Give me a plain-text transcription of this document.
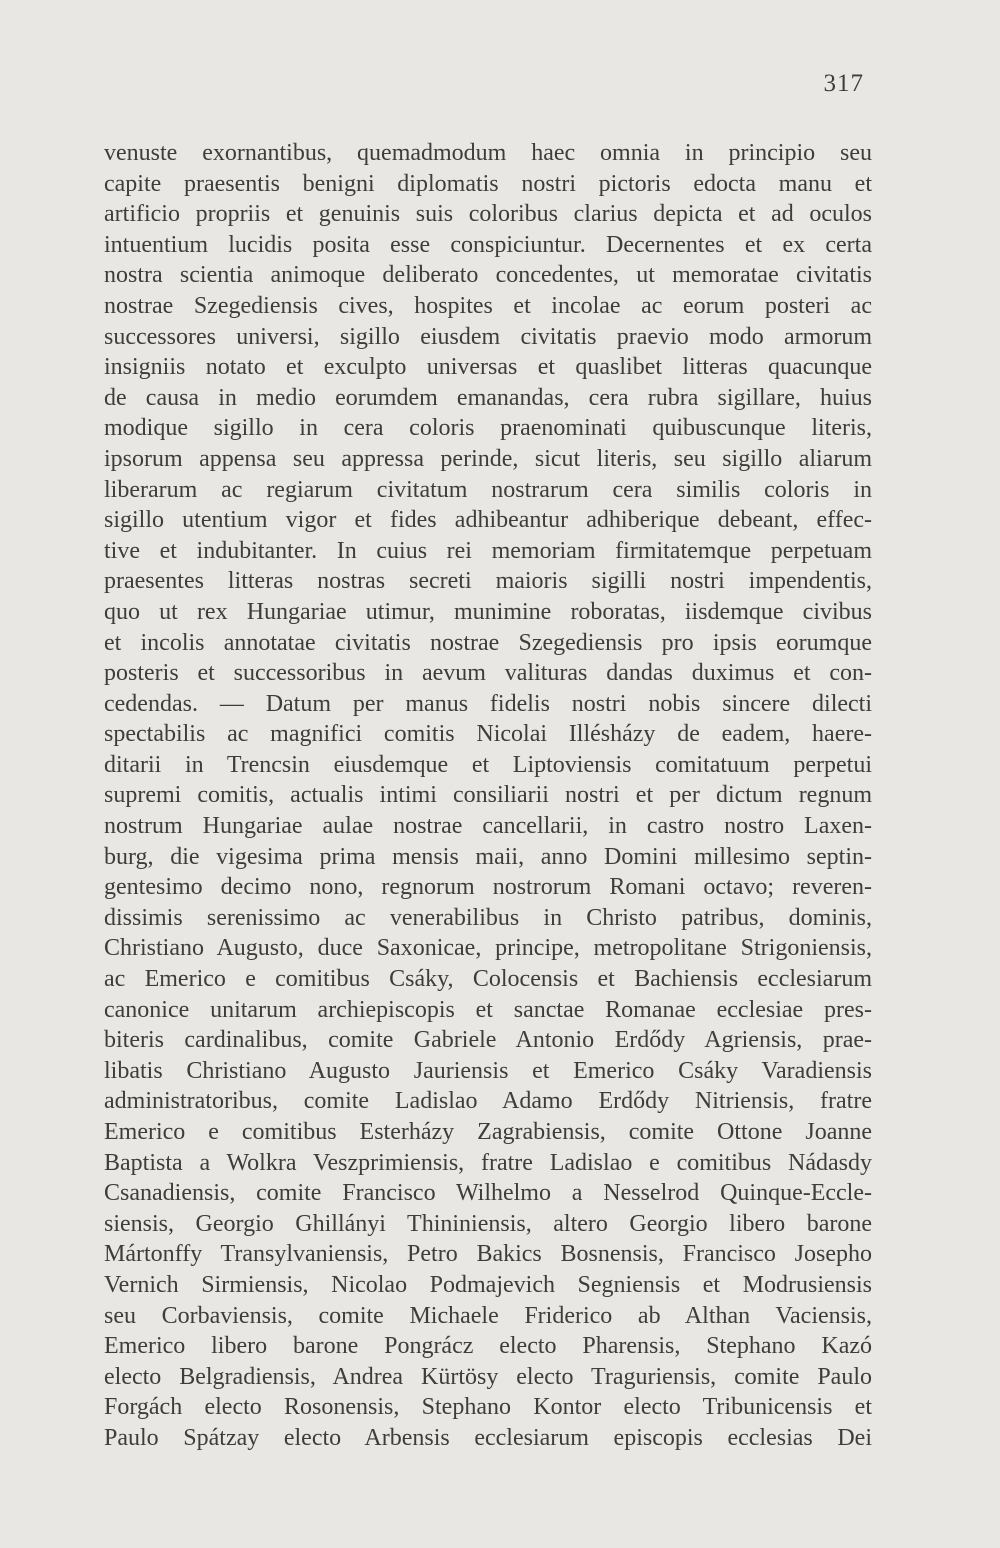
317
venuste exornantibus, quemadmodum haec omnia in principio seu
capite praesentis benigni diplomatis nostri pictoris edocta manu et
artificio propriis et genuinis suis coloribus clarius depicta et ad oculos
intuentium lucidis posita esse conspiciuntur. Decernentes et ex certa
nostra scientia animoque deliberato concedentes, ut memoratae civitatis
nostrae Szegediensis cives, hospites et incolae ac eorum posteri ac
successores universi, sigillo eiusdem civitatis praevio modo armorum
insigniis notato et exculpto universas et quaslibet litteras quacunque
de causa in medio eorumdem emanandas, cera rubra sigillare, huius
modique sigillo in cera coloris praenominati quibuscunque literis,
ipsorum appensa seu appressa perinde, sicut literis, seu sigillo aliarum
liberarum ac regiarum civitatum nostrarum cera similis coloris in
sigillo utentium vigor et fides adhibeantur adhiberique debeant, effec-
tive et indubitanter. In cuius rei memoriam firmitatemque perpetuam
praesentes litteras nostras secreti maioris sigilli nostri impendentis,
quo ut rex Hungariae utimur, munimine roboratas, iisdemque civibus
et incolis annotatae civitatis nostrae Szegediensis pro ipsis eorumque
posteris et successoribus in aevum valituras dandas duximus et con-
cedendas. — Datum per manus fidelis nostri nobis sincere dilecti
spectabilis ac magnifici comitis Nicolai Illésházy de eadem, haere-
ditarii in Trencsin eiusdemque et Liptoviensis comitatuum perpetui
supremi comitis, actualis intimi consiliarii nostri et per dictum regnum
nostrum Hungariae aulae nostrae cancellarii, in castro nostro Laxen-
burg, die vigesima prima mensis maii, anno Domini millesimo septin-
gentesimo decimo nono, regnorum nostrorum Romani octavo; reveren-
dissimis serenissimo ac venerabilibus in Christo patribus, dominis,
Christiano Augusto, duce Saxonicae, principe, metropolitane Strigoniensis,
ac Emerico e comitibus Csáky, Colocensis et Bachiensis ecclesiarum
canonice unitarum archiepiscopis et sanctae Romanae ecclesiae pres-
biteris cardinalibus, comite Gabriele Antonio Erdődy Agriensis, prae-
libatis Christiano Augusto Jauriensis et Emerico Csáky Varadiensis
administratoribus, comite Ladislao Adamo Erdődy Nitriensis, fratre
Emerico e comitibus Esterházy Zagrabiensis, comite Ottone Joanne
Baptista a Wolkra Veszprimiensis, fratre Ladislao e comitibus Nádasdy
Csanadiensis, comite Francisco Wilhelmo a Nesselrod Quinque-Eccle-
siensis, Georgio Ghillányi Thininiensis, altero Georgio libero barone
Mártonffy Transylvaniensis, Petro Bakics Bosnensis, Francisco Josepho
Vernich Sirmiensis, Nicolao Podmajevich Segniensis et Modrusiensis
seu Corbaviensis, comite Michaele Friderico ab Althan Vaciensis,
Emerico libero barone Pongrácz electo Pharensis, Stephano Kazó
electo Belgradiensis, Andrea Kürtösy electo Traguriensis, comite Paulo
Forgách electo Rosonensis, Stephano Kontor electo Tribunicensis et
Paulo Spátzay electo Arbensis ecclesiarum episcopis ecclesias Dei
